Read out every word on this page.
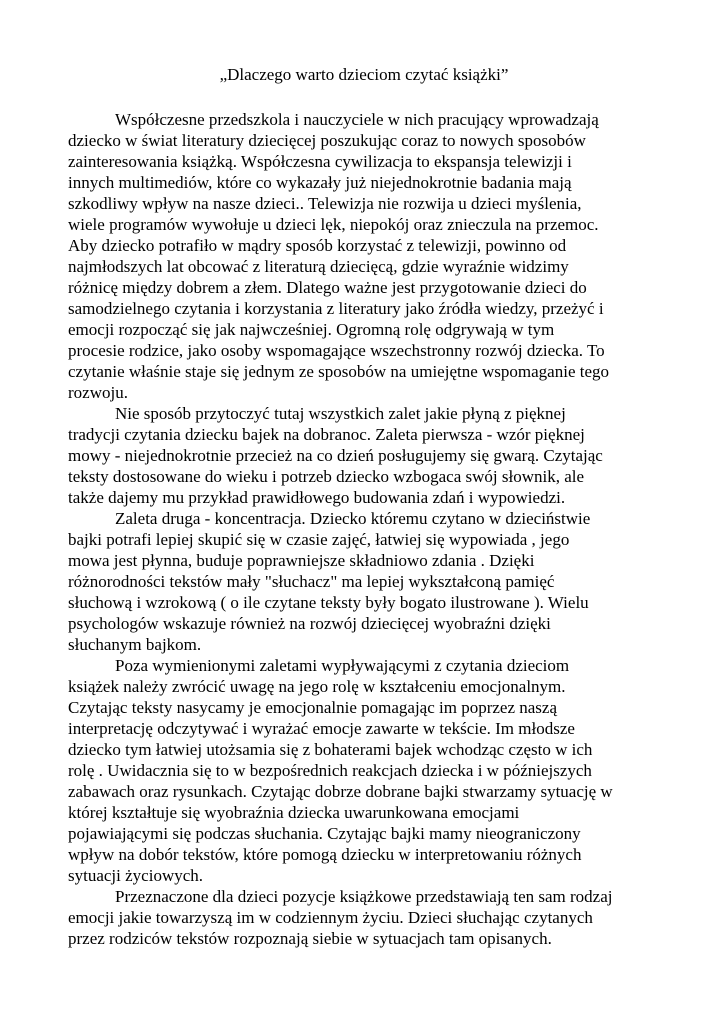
„Dlaczego warto dzieciom czytać książki”
Współczesne przedszkola i nauczyciele w nich pracujący wprowadzają
dziecko w świat literatury dziecięcej poszukując coraz to nowych sposobów
zainteresowania książką. Współczesna cywilizacja to ekspansja telewizji i
innych multimediów, które co wykazały już niejednokrotnie badania mają
szkodliwy wpływ na nasze dzieci.. Telewizja nie rozwija u dzieci myślenia,
wiele programów wywołuje u dzieci lęk, niepokój oraz znieczula na przemoc.
Aby dziecko potrafiło w mądry sposób korzystać z telewizji, powinno od
najmłodszych lat obcować z literaturą dziecięcą, gdzie wyraźnie widzimy
różnicę między dobrem a złem. Dlatego ważne jest przygotowanie dzieci do
samodzielnego czytania i korzystania z literatury jako źródła wiedzy, przeżyć i
emocji rozpocząć się jak najwcześniej. Ogromną rolę odgrywają w tym
procesie rodzice, jako osoby wspomagające wszechstronny rozwój dziecka. To
czytanie właśnie staje się jednym ze sposobów na umiejętne wspomaganie tego
rozwoju.
Nie sposób przytoczyć tutaj wszystkich zalet jakie płyną z pięknej
tradycji czytania dziecku bajek na dobranoc. Zaleta pierwsza - wzór pięknej
mowy - niejednokrotnie przecież na co dzień posługujemy się gwarą. Czytając
teksty dostosowane do wieku i potrzeb dziecko wzbogaca swój słownik, ale
także dajemy mu przykład prawidłowego budowania zdań i wypowiedzi.
Zaleta druga - koncentracja. Dziecko któremu czytano w dzieciństwie
bajki potrafi lepiej skupić się w czasie zajęć, łatwiej się wypowiada , jego
mowa jest płynna, buduje poprawniejsze składniowo zdania . Dzięki
różnorodności tekstów mały "słuchacz" ma lepiej wykształconą pamięć
słuchową i wzrokową ( o ile czytane teksty były bogato ilustrowane ). Wielu
psychologów wskazuje również na rozwój dziecięcej wyobraźni dzięki
słuchanym bajkom.
Poza wymienionymi zaletami wypływającymi z czytania dzieciom
książek należy zwrócić uwagę na jego rolę w kształceniu emocjonalnym.
Czytając teksty nasycamy je emocjonalnie pomagając im poprzez naszą
interpretację odczytywać i wyrażać emocje zawarte w tekście. Im młodsze
dziecko tym łatwiej utożsamia się z bohaterami bajek wchodząc często w ich
rolę . Uwidacznia się to w bezpośrednich reakcjach dziecka i w późniejszych
zabawach oraz rysunkach. Czytając dobrze dobrane bajki stwarzamy sytuację w
której kształtuje się wyobraźnia dziecka uwarunkowana emocjami
pojawiającymi się podczas słuchania. Czytając bajki mamy nieograniczony
wpływ na dobór tekstów, które pomogą dziecku w interpretowaniu różnych
sytuacji życiowych.
Przeznaczone dla dzieci pozycje książkowe przedstawiają ten sam rodzaj
emocji jakie towarzyszą im w codziennym życiu. Dzieci słuchając czytanych
przez rodziców tekstów rozpoznają siebie w sytuacjach tam opisanych.
